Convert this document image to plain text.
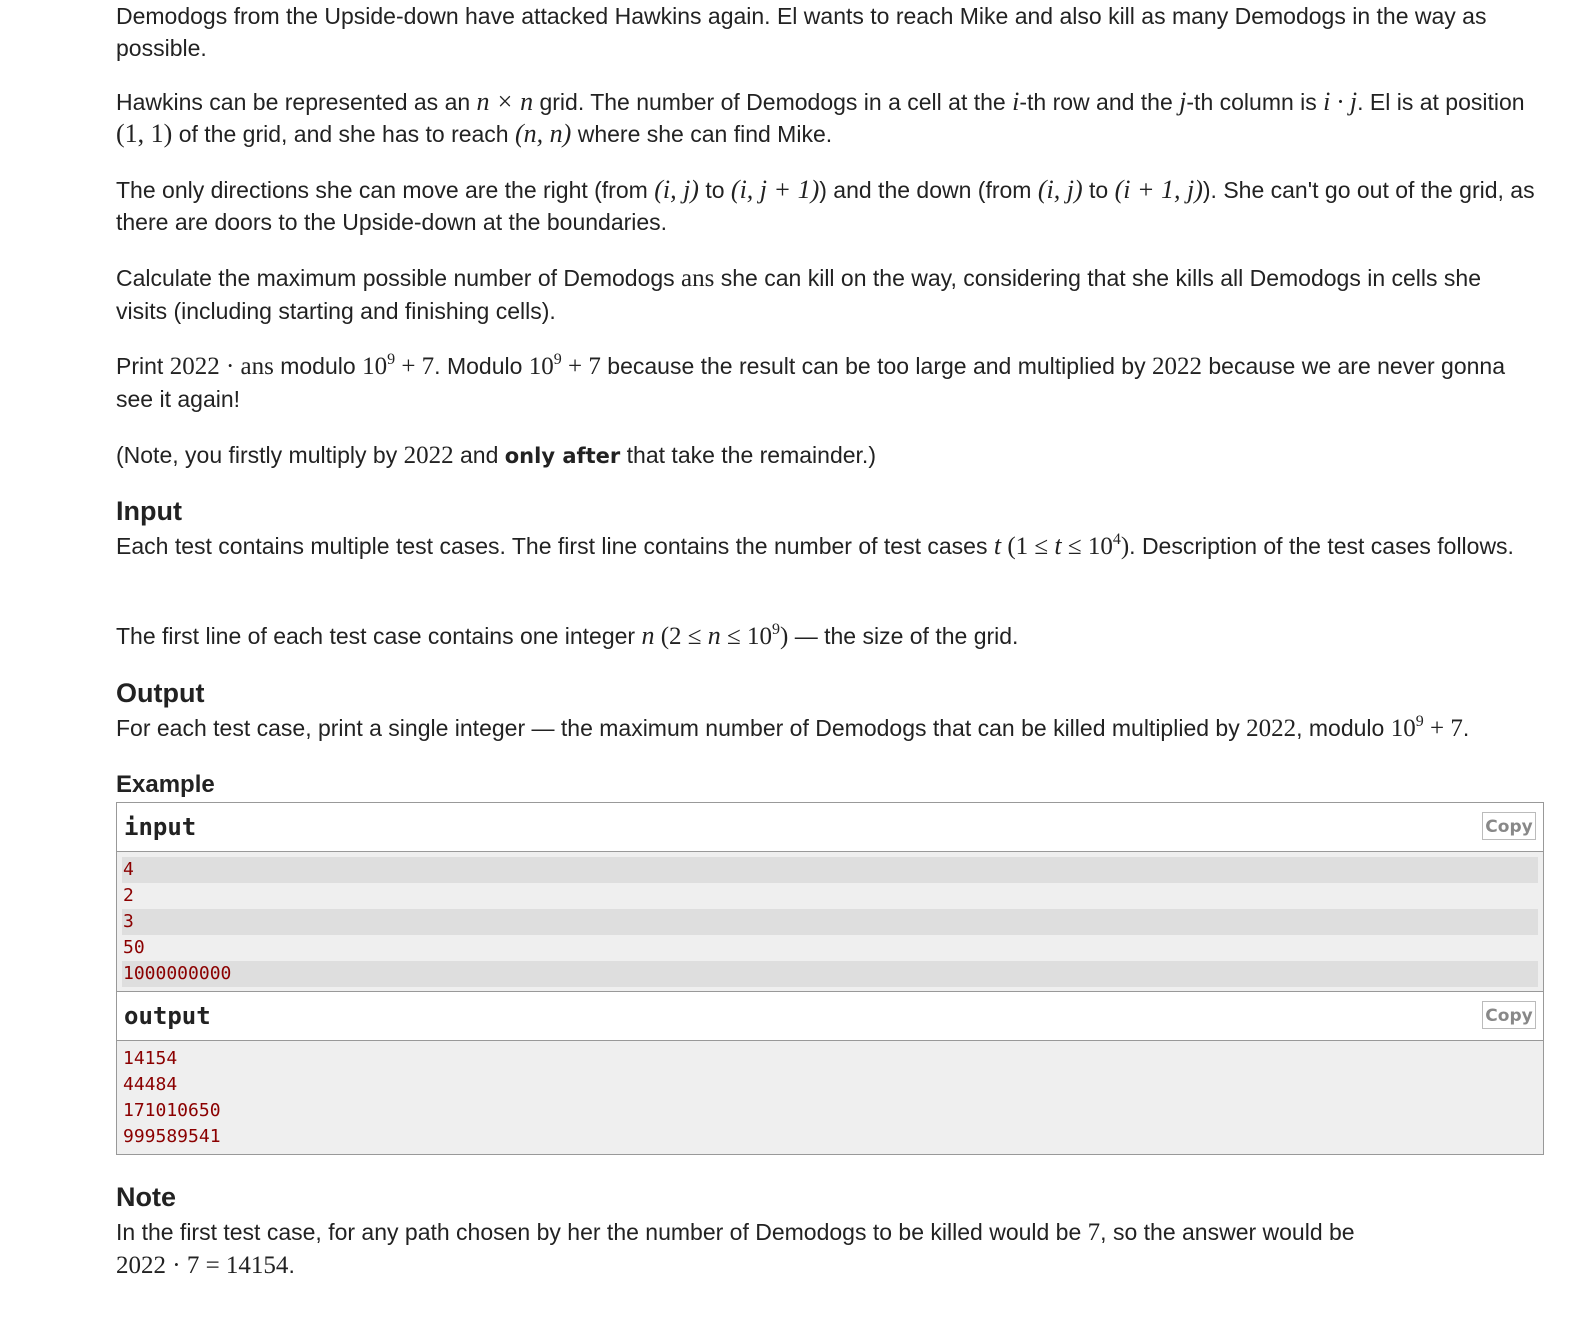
Demodogs from the Upside-down have attacked Hawkins again. El wants to reach Mike and also kill as many Demodogs in the way as possible.

Hawkins can be represented as an n × n grid. The number of Demodogs in a cell at the i-th row and the j-th column is i · j. El is at position (1, 1) of the grid, and she has to reach (n, n) where she can find Mike.

The only directions she can move are the right (from (i, j) to (i, j + 1)) and the down (from (i, j) to (i + 1, j)). She can't go out of the grid, as there are doors to the Upside-down at the boundaries.

Calculate the maximum possible number of Demodogs ans she can kill on the way, considering that she kills all Demodogs in cells she visits (including starting and finishing cells).

Print 2022 · ans modulo $10^9 + 7$. Modulo $10^9 + 7$ because the result can be too large and multiplied by 2022 because we are never gonna see it again!

(Note, you firstly multiply by 2022 and only after that take the remainder.)

Input

Each test contains multiple test cases. The first line contains the number of test cases t $(1 \le t \le 10^4)$. Description of the test cases follows.

The first line of each test case contains one integer n $(2 \le n \le 10^9)$ — the size of the grid.

Output

For each test case, print a single integer — the maximum number of Demodogs that can be killed multiplied by 2022, modulo $10^9 + 7$.

Example
input	Copy
4
2
3
50
1000000000
output	Copy
14154
44484
171010650
999589541
Note

In the first test case, for any path chosen by her the number of Demodogs to be killed would be 7, so the answer would be
2022 · 7 = 14154.
